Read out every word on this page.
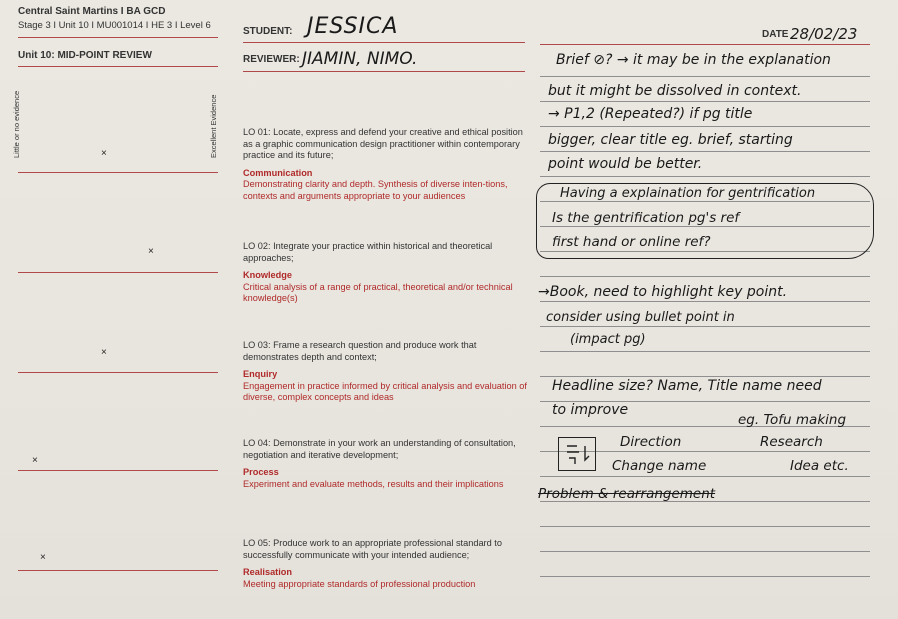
Central Saint Martins I BA GCD
Stage 3 I Unit 10 I MU001014 I HE 3 I Level 6
Unit 10: MID-POINT REVIEW
STUDENT: JESSICA
REVIEWER: JIAMIN, NIMO.
DATE 28/02/23
Little or no evidence	Excellent Evidence
×
×
×
×
×
LO 01: Locate, express and defend your creative and ethical position as a graphic communication design practitioner within contemporary practice and its future;
Communication
Demonstrating clarity and depth. Synthesis of diverse inten-tions, contexts and arguments appropriate to your audiences
LO 02: Integrate your practice within historical and theoretical approaches;
Knowledge
Critical analysis of a range of practical, theoretical and/or technical knowledge(s)
LO 03: Frame a research question and produce work that demonstrates depth and context;
Enquiry
Engagement in practice informed by critical analysis and evaluation of diverse, complex concepts and ideas
LO 04: Demonstrate in your work an understanding of consultation, negotiation and iterative development;
Process
Experiment and evaluate methods, results and their implications
LO 05: Produce work to an appropriate professional standard to successfully communicate with your intended audience;
Realisation
Meeting appropriate standards of professional production
Brief ⊘? → it may be in the explanation
but it might be dissolved in context.
→ P1,2 (Repeated?) if pg title
bigger, clear title eg. brief, starting
point would be better.
Having a explaination for gentrification
Is the gentrification pg's ref
first hand or online ref?
→Book, need to highlight key point.
consider using bullet point in
(impact pg)
Headline size? Name, Title name need
to improve
eg. Tofu making
Research
Direction
Change name	Idea etc.
Problem & rearrangement
